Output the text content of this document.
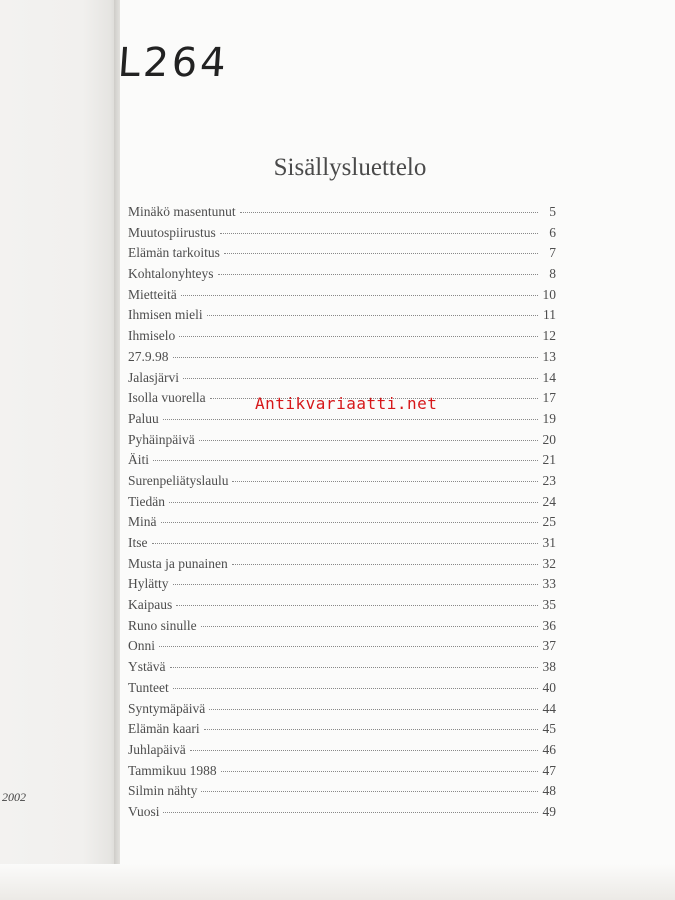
L264
2002
Sisällysluettelo
Minäkö masentunut	5
Muutospiirustus	6
Elämän tarkoitus	7
Kohtalonyhteys	8
Mietteitä	10
Ihmisen mieli	11
Ihmiselo	12
27.9.98	13
Jalasjärvi	14
Isolla vuorella	17
Paluu	19
Pyhäinpäivä	20
Äiti	21
Surenpeliätyslaulu	23
Tiedän	24
Minä	25
Itse	31
Musta ja punainen	32
Hylätty	33
Kaipaus	35
Runo sinulle	36
Onni	37
Ystävä	38
Tunteet	40
Syntymäpäivä	44
Elämän kaari	45
Juhlapäivä	46
Tammikuu 1988	47
Silmin nähty	48
Vuosi	49
Antikvariaatti.net
